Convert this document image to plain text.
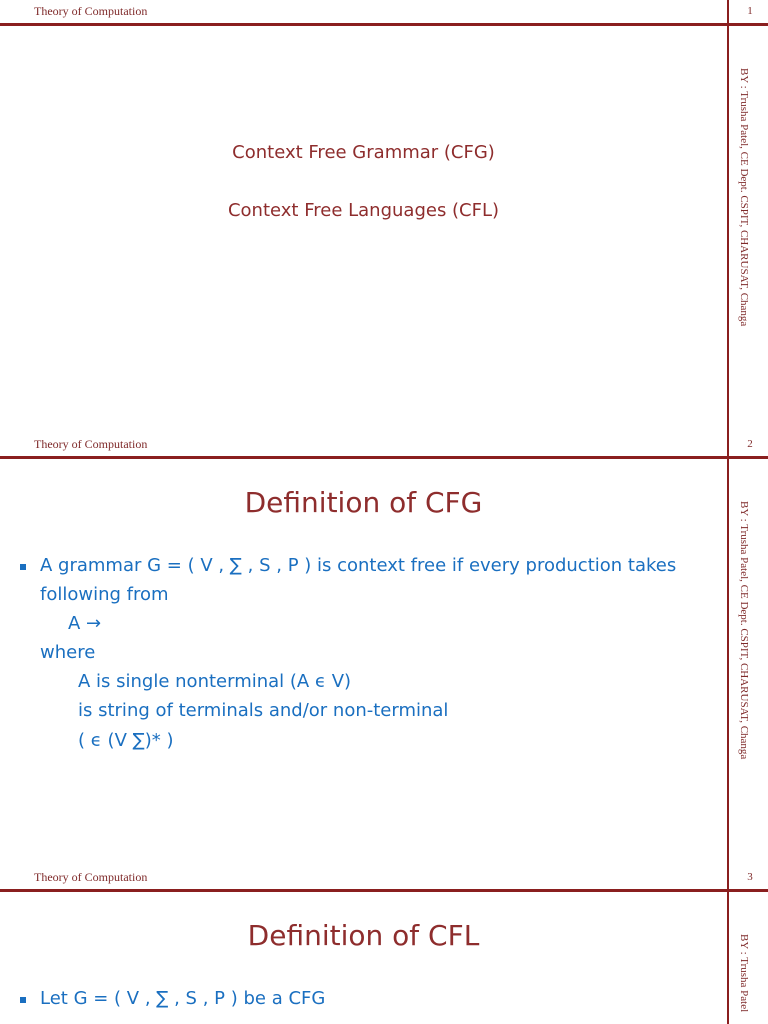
Theory of Computation	1
BY : Trusha Patel, CE Dept. CSPIT, CHARUSAT, Changa
Context Free Grammar (CFG)
Context Free Languages (CFL)
Theory of Computation	2
BY : Trusha Patel, CE Dept. CSPIT, CHARUSAT, Changa
Definition of CFG
A grammar G = ( V , ∑ , S , P ) is context free if every production takes
following from
A →
where
A is single nonterminal (A ϵ V)
is string of terminals and/or non-terminal
( ϵ (V ∑)* )
Theory of Computation	3
BY : Trusha Patel
Definition of CFL
Let G = ( V , ∑ , S , P ) be a CFG
